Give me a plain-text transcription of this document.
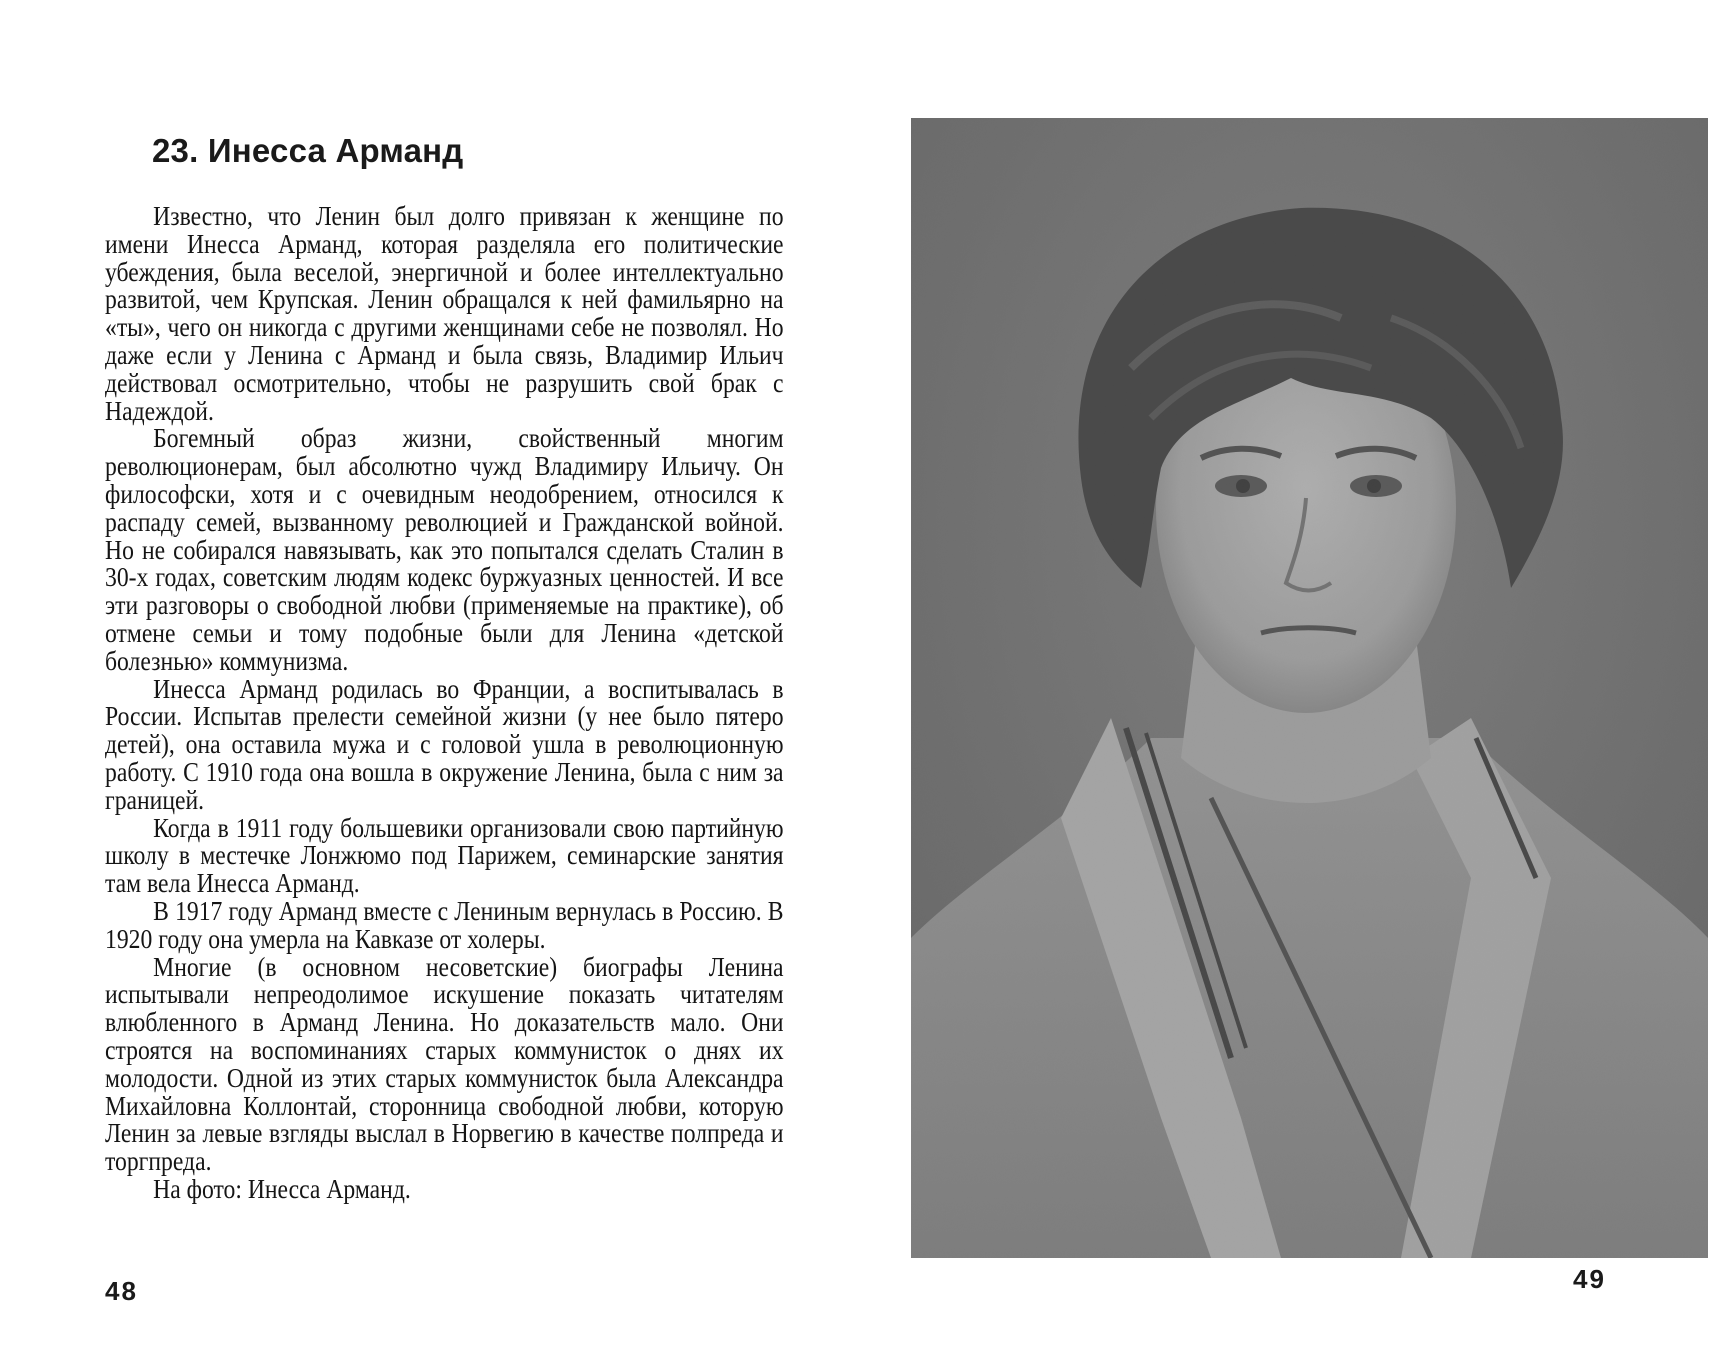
23. Инесса Арманд

Известно, что Ленин был долго привязан к женщине по имени Инесса Арманд, которая разделяла его политические убеждения, была веселой, энергичной и более интеллектуально развитой, чем Крупская. Ленин обращался к ней фамильярно на «ты», чего он никогда с другими женщинами себе не позволял. Но даже если у Ленина с Арманд и была связь, Владимир Ильич действовал осмотрительно, чтобы не разрушить свой брак с Надеждой.

Богемный образ жизни, свойственный многим революционерам, был абсолютно чужд Владимиру Ильичу. Он философски, хотя и с очевидным неодобрением, относился к распаду семей, вызванному революцией и Гражданской войной. Но не собирался навязывать, как это попытался сделать Сталин в 30-х годах, советским людям кодекс буржуазных ценностей. И все эти разговоры о свободной любви (применяемые на практике), об отмене семьи и тому подобные были для Ленина «детской болезнью» коммунизма.

Инесса Арманд родилась во Франции, а воспитывалась в России. Испытав прелести семейной жизни (у нее было пятеро детей), она оставила мужа и с головой ушла в революционную работу. С 1910 года она вошла в окружение Ленина, была с ним за границей.

Когда в 1911 году большевики организовали свою партийную школу в местечке Лонжюмо под Парижем, семинарские занятия там вела Инесса Арманд.

В 1917 году Арманд вместе с Лениным вернулась в Россию. В 1920 году она умерла на Кавказе от холеры.

Многие (в основном несоветские) биографы Ленина испытывали непреодолимое искушение показать читателям влюбленного в Арманд Ленина. Но доказательств мало. Они строятся на воспоминаниях старых коммунисток о днях их молодости. Одной из этих старых коммунисток была Александра Михайловна Коллонтай, сторонница свободной любви, которую Ленин за левые взгляды выслал в Норвегию в качестве полпреда и торгпреда.

На фото: Инесса Арманд.

48	49
